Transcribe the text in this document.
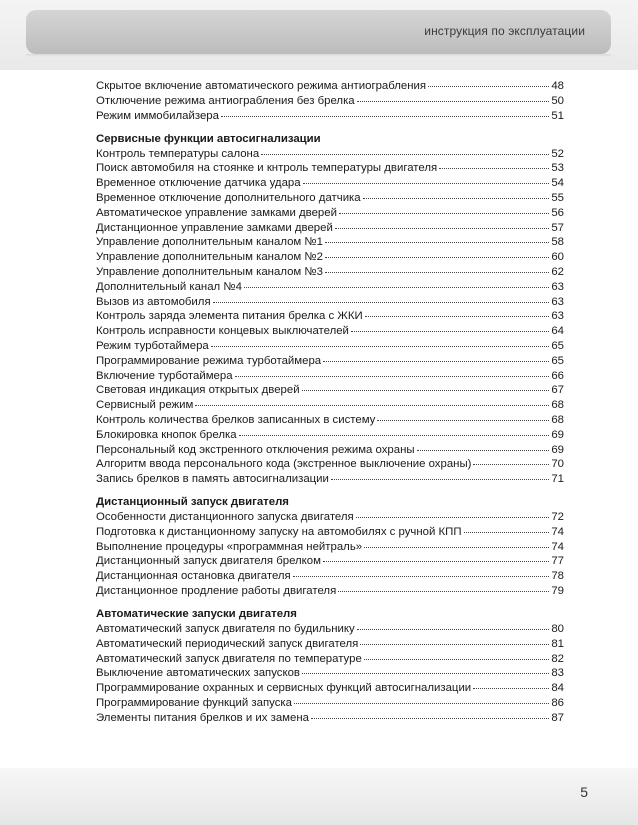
инструкция по эксплуатации
Скрытое включение автоматического режима антиограбления	48
Отключение режима антиограбления без брелка	50
Режим иммобилайзера	51
Сервисные функции автосигнализации
Контроль температуры салона	52
Поиск автомобиля на стоянке и кнтроль температуры двигателя	53
Временное отключение датчика удара	54
Временное отключение дополнительного датчика	55
Автоматическое управление замками дверей	56
Дистанционное управление замками дверей	57
Управление дополнительным каналом №1	58
Управление дополнительным каналом №2	60
Управление дополнительным каналом №3	62
Дополнительный канал №4	63
Вызов из автомобиля	63
Контроль заряда элемента питания брелка с ЖКИ	63
Контроль исправности концевых выключателей	64
Режим турботаймера	65
Программирование режима турботаймера	65
Включение турботаймера	66
Световая индикация открытых дверей	67
Сервисный режим	68
Контроль количества брелков записанных в систему	68
Блокировка кнопок брелка	69
Персональный код экстренного отключения режима охраны	69
Алгоритм ввода персонального кода (экстренное выключение охраны)	70
Запись брелков в память автосигнализации	71
Дистанционный запуск двигателя
Особенности дистанционного запуска двигателя	72
Подготовка к дистанционному запуску на автомобилях с ручной КПП	74
Выполнение процедуры «программная нейтраль»	74
Дистанционный запуск двигателя брелком	77
Дистанционная остановка двигателя	78
Дистанционное продление работы двигателя	79
Автоматические запуски двигателя
Автоматический запуск двигателя по будильнику	80
Автоматический периодический запуск двигателя	81
Автоматический запуск двигателя по температуре	82
Выключение автоматических запусков	83
Программирование охранных и сервисных функций автосигнализации	84
Программирование функций запуска	86
Элементы питания брелков и их замена	87
5
